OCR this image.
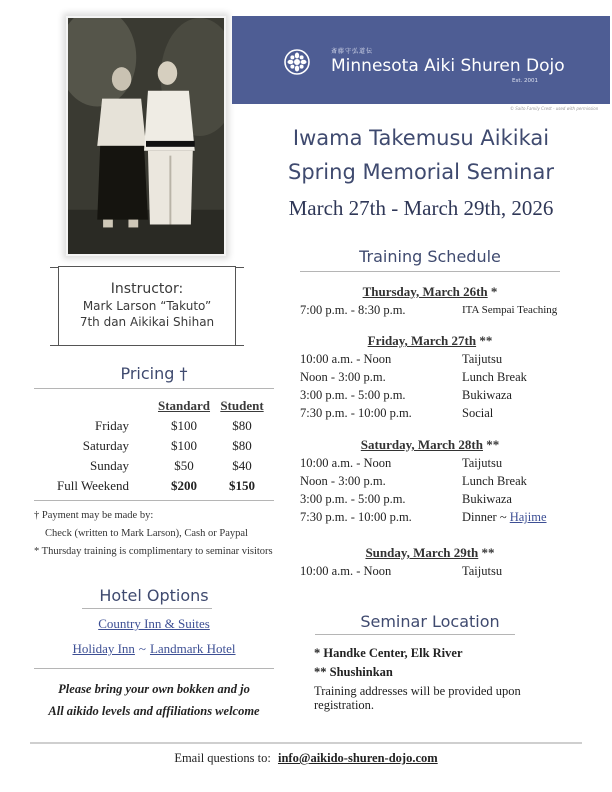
斎藤守弘道伝
Minnesota Aiki Shuren Dojo
Est. 2001
© Saito Family Crest - used with permission
Iwama Takemusu Aikikai
Spring Memorial Seminar
March 27th - March 29th, 2026
Instructor:
Mark Larson “Takuto”
7th dan Aikikai Shihan
Pricing †
Standard Student
Friday	$100	$80
Saturday	$100	$80
Sunday	$50	$40
Full Weekend	$200	$150
† Payment may be made by:
Check (written to Mark Larson), Cash or Paypal
* Thursday training is complimentary to seminar visitors
Hotel Options
Country Inn & Suites
Holiday Inn ~ Landmark Hotel
Please bring your own bokken and jo
All aikido levels and affiliations welcome
Training Schedule
Thursday, March 26th *
7:00 p.m. - 8:30 p.m.	ITA Sempai Teaching
Friday, March 27th **
10:00 a.m. - Noon	Taijutsu
Noon - 3:00 p.m.	Lunch Break
3:00 p.m. - 5:00 p.m.	Bukiwaza
7:30 p.m. - 10:00 p.m.	Social
Saturday, March 28th **
10:00 a.m. - Noon	Taijutsu
Noon - 3:00 p.m.	Lunch Break
3:00 p.m. - 5:00 p.m.	Bukiwaza
7:30 p.m. - 10:00 p.m.	Dinner ~ Hajime
Sunday, March 29th **
10:00 a.m. - Noon	Taijutsu
Seminar Location
* Handke Center, Elk River
** Shushinkan
Training addresses will be provided upon registration.
Email questions to: info@aikido-shuren-dojo.com
